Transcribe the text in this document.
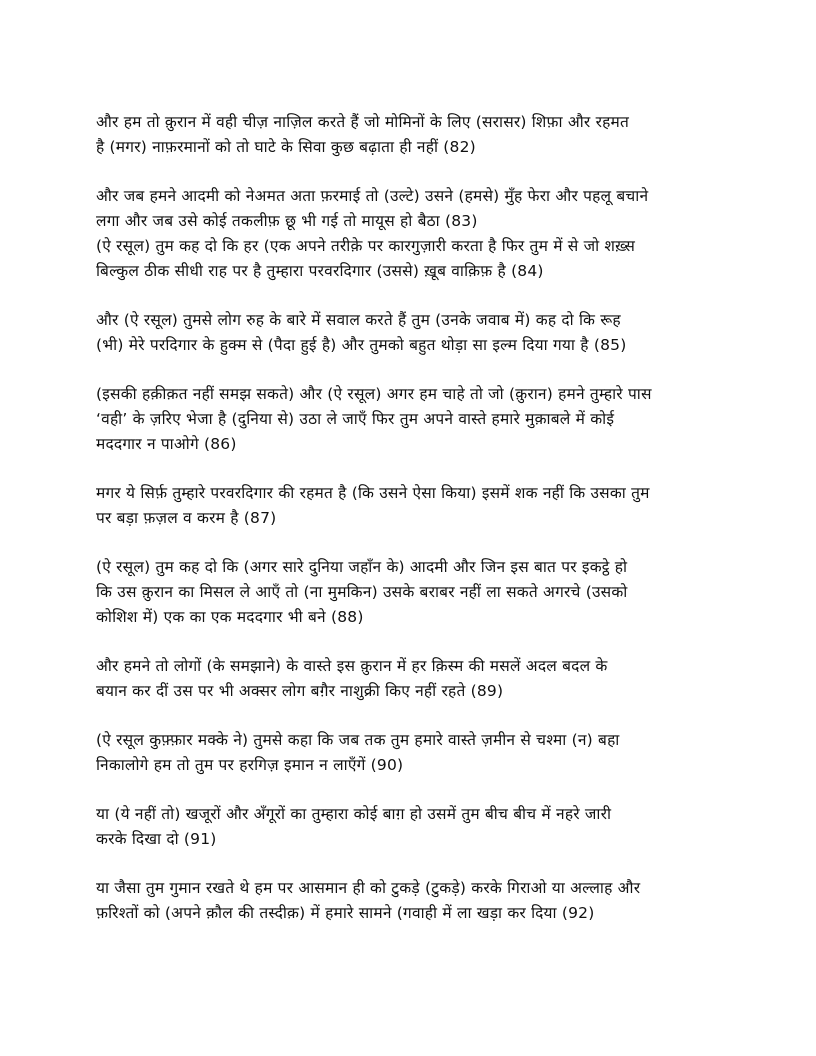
और हम तो क़ुरान में वही चीज़ नाज़िल करते हैं जो मोमिनों के लिए (सरासर) शिफ़ा और रहमत
है (मगर) नाफ़रमानों को तो घाटे के सिवा कुछ बढ़ाता ही नहीं (82)

और जब हमने आदमी को नेअमत अता फ़रमाई तो (उल्टे) उसने (हमसे) मुँह फेरा और पहलू बचाने
लगा और जब उसे कोई तकलीफ़ छू भी गई तो मायूस हो बैठा (83)

(ऐ रसूल) तुम कह दो कि हर (एक अपने तरीक़े पर कारगुज़ारी करता है फिर तुम में से जो शख़्स
बिल्कुल ठीक सीधी राह पर है तुम्हारा परवरदिगार (उससे) ख़ूब वाक़िफ़ है (84)

और (ऐ रसूल) तुमसे लोग रुह के बारे में सवाल करते हैं तुम (उनके जवाब में) कह दो कि रूह
(भी) मेरे परदिगार के हुक्म से (पैदा हुई है) और तुमको बहुत थोड़ा सा इल्म दिया गया है (85)

(इसकी हक़ीक़त नहीं समझ सकते) और (ऐ रसूल) अगर हम चाहे तो जो (क़ुरान) हमने तुम्हारे पास
‘वही’ के ज़रिए भेजा है (दुनिया से) उठा ले जाएँ फिर तुम अपने वास्ते हमारे मुक़ाबले में कोई
मददगार न पाओगे (86)

मगर ये सिर्फ़ तुम्हारे परवरदिगार की रहमत है (कि उसने ऐसा किया) इसमें शक नहीं कि उसका तुम
पर बड़ा फ़ज़ल व करम है (87)

(ऐ रसूल) तुम कह दो कि (अगर सारे दुनिया जहाँन के) आदमी और जिन इस बात पर इकट्ठे हो
कि उस क़ुरान का मिसल ले आएँ तो (ना मुमकिन) उसके बराबर नहीं ला सकते अगरचे (उसको
कोशिश में) एक का एक मददगार भी बने (88)

और हमने तो लोगों (के समझाने) के वास्ते इस क़ुरान में हर क़िस्म की मसलें अदल बदल के
बयान कर दीं उस पर भी अक्सर लोग बग़ैर नाशुक्री किए नहीं रहते (89)

(ऐ रसूल कुफ़्फ़ार मक्के ने) तुमसे कहा कि जब तक तुम हमारे वास्ते ज़मीन से चश्मा (न) बहा
निकालोगे हम तो तुम पर हरगिज़ इमान न लाएँगें (90)

या (ये नहीं तो) खजूरों और अँगूरों का तुम्हारा कोई बाग़ हो उसमें तुम बीच बीच में नहरे जारी
करके दिखा दो (91)

या जैसा तुम गुमान रखते थे हम पर आसमान ही को टुकड़े (टुकड़े) करके गिराओ या अल्लाह और
फ़रिश्तों को (अपने क़ौल की तस्दीक़) में हमारे सामने (गवाही में ला खड़ा कर दिया (92)
